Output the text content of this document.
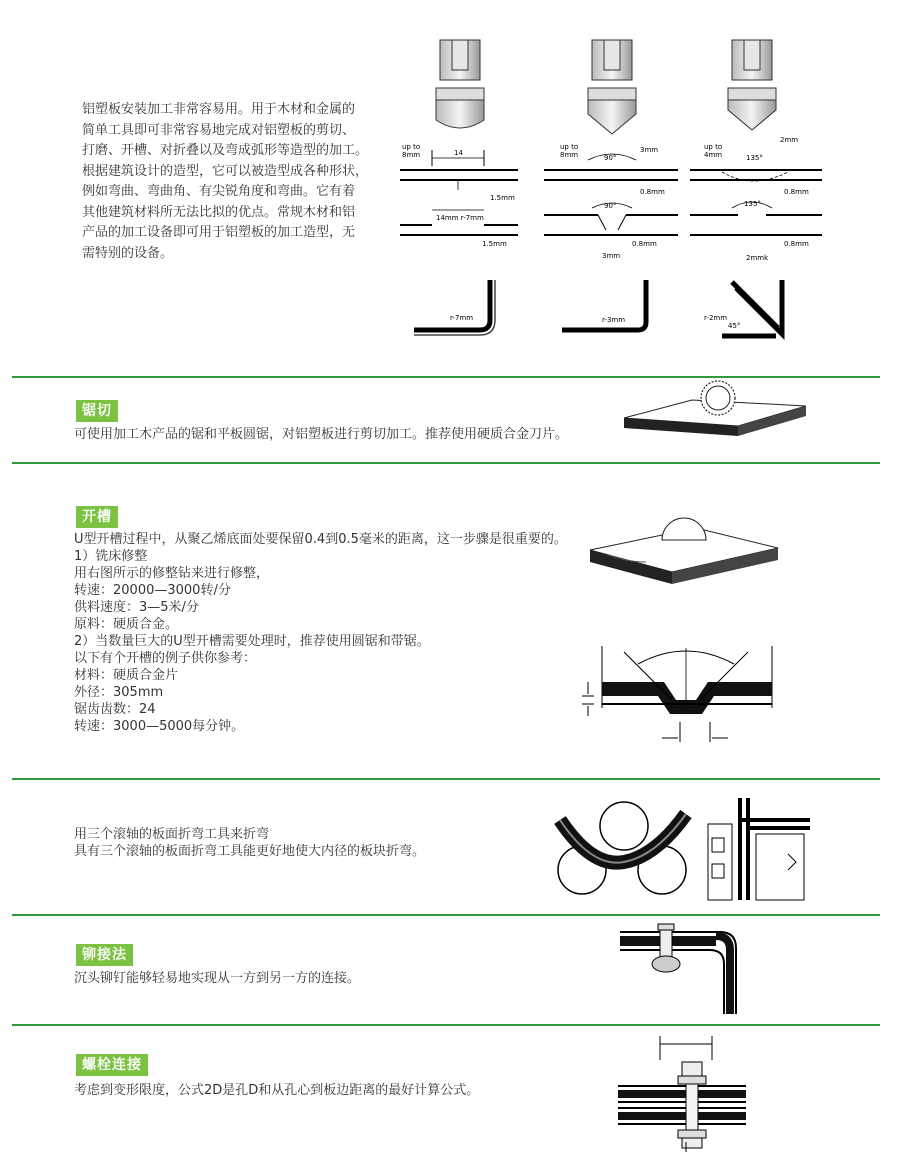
铝塑板安装加工非常容易用。用于木材和金属的
简单工具即可非常容易地完成对铝塑板的剪切、
打磨、开槽、对折叠以及弯成弧形等造型的加工。
根据建筑设计的造型，它可以被造型成各种形状，
例如弯曲、弯曲角、有尖锐角度和弯曲。它有着
其他建筑材料所无法比拟的优点。常规木材和铝
产品的加工设备即可用于铝塑板的加工造型，无
需特别的设备。
up to
8mm	14
1.5mm
14mm r-7mm
1.5mm
r-7mm
up to
8mm	90°
3mm
0.8mm
90°
0.8mm
3mm
r-3mm
2mm
up to
4mm	135°
0.8mm
135°
0.8mm
2mmk
r-2mm
45°
锯切
可使用加工木产品的锯和平板圆锯，对铝塑板进行剪切加工。推荐使用硬质合金刀片。
开槽
U型开槽过程中，从聚乙烯底面处要保留0.4到0.5毫米的距离，这一步骤是很重要的。
1）铣床修整
用右图所示的修整钻来进行修整，
转速：20000—3000转/分
供料速度：3—5米/分
原料：硬质合金。
2）当数量巨大的U型开槽需要处理时，推荐使用圆锯和带锯。
以下有个开槽的例子供你参考：
材料：硬质合金片
外径：305mm
锯齿齿数：24
转速：3000—5000每分钟。
用三个滚轴的板面折弯工具来折弯
具有三个滚轴的板面折弯工具能更好地使大内径的板块折弯。
铆接法
沉头铆钉能够轻易地实现从一方到另一方的连接。
螺栓连接
考虑到变形限度，公式2D是孔D和从孔心到板边距离的最好计算公式。
